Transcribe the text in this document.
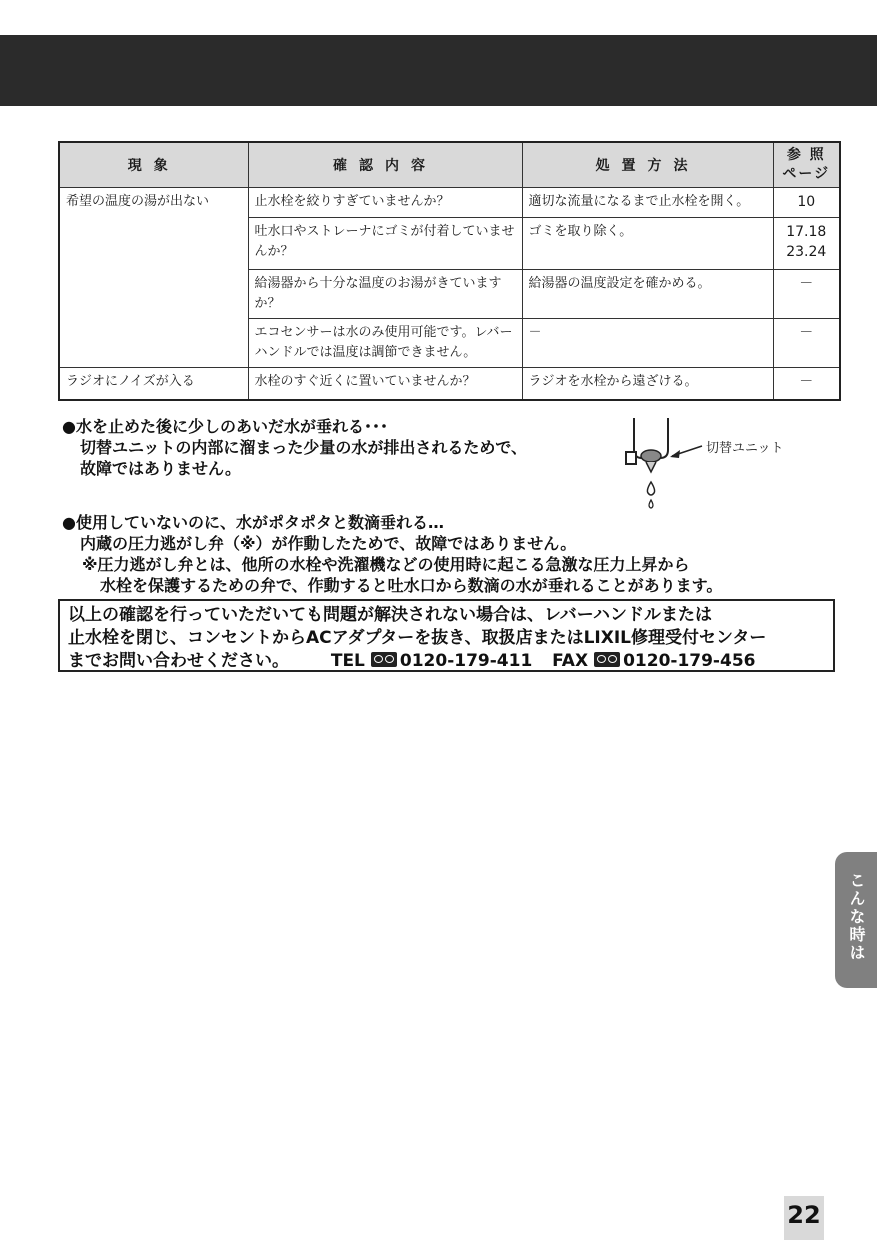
現象	確認内容	処置方法	参 照
ページ
希望の温度の湯が出ない	止水栓を絞りすぎていませんか？	適切な流量になるまで止水栓を開く。	10
	吐水口やストレーナにゴミが付着していませんか？	ゴミを取り除く。	17.18 23.24
	給湯器から十分な温度のお湯がきていますか？	給湯器の温度設定を確かめる。	－
	エコセンサーは水のみ使用可能です。レバーハンドルでは温度は調節できません。	－	－
ラジオにノイズが入る	水栓のすぐ近くに置いていませんか？	ラジオを水栓から遠ざける。	－
●水を止めた後に少しのあいだ水が垂れる･･･
切替ユニットの内部に溜まった少量の水が排出されるためで、
故障ではありません。
切替ユニット
●使用していないのに、水がポタポタと数滴垂れる…
内蔵の圧力逃がし弁（※）が作動したためで、故障ではありません。
※圧力逃がし弁とは、他所の水栓や洗濯機などの使用時に起こる急激な圧力上昇から
水栓を保護するための弁で、作動すると吐水口から数滴の水が垂れることがあります。
以上の確認を行っていただいても問題が解決されない場合は、レバーハンドルまたは
止水栓を閉じ、コンセントからACアダプターを抜き、取扱店またはLIXIL修理受付センター
までお問い合わせください。 TEL 0120-179-411 FAX 0120-179-456
こんな時は
22
